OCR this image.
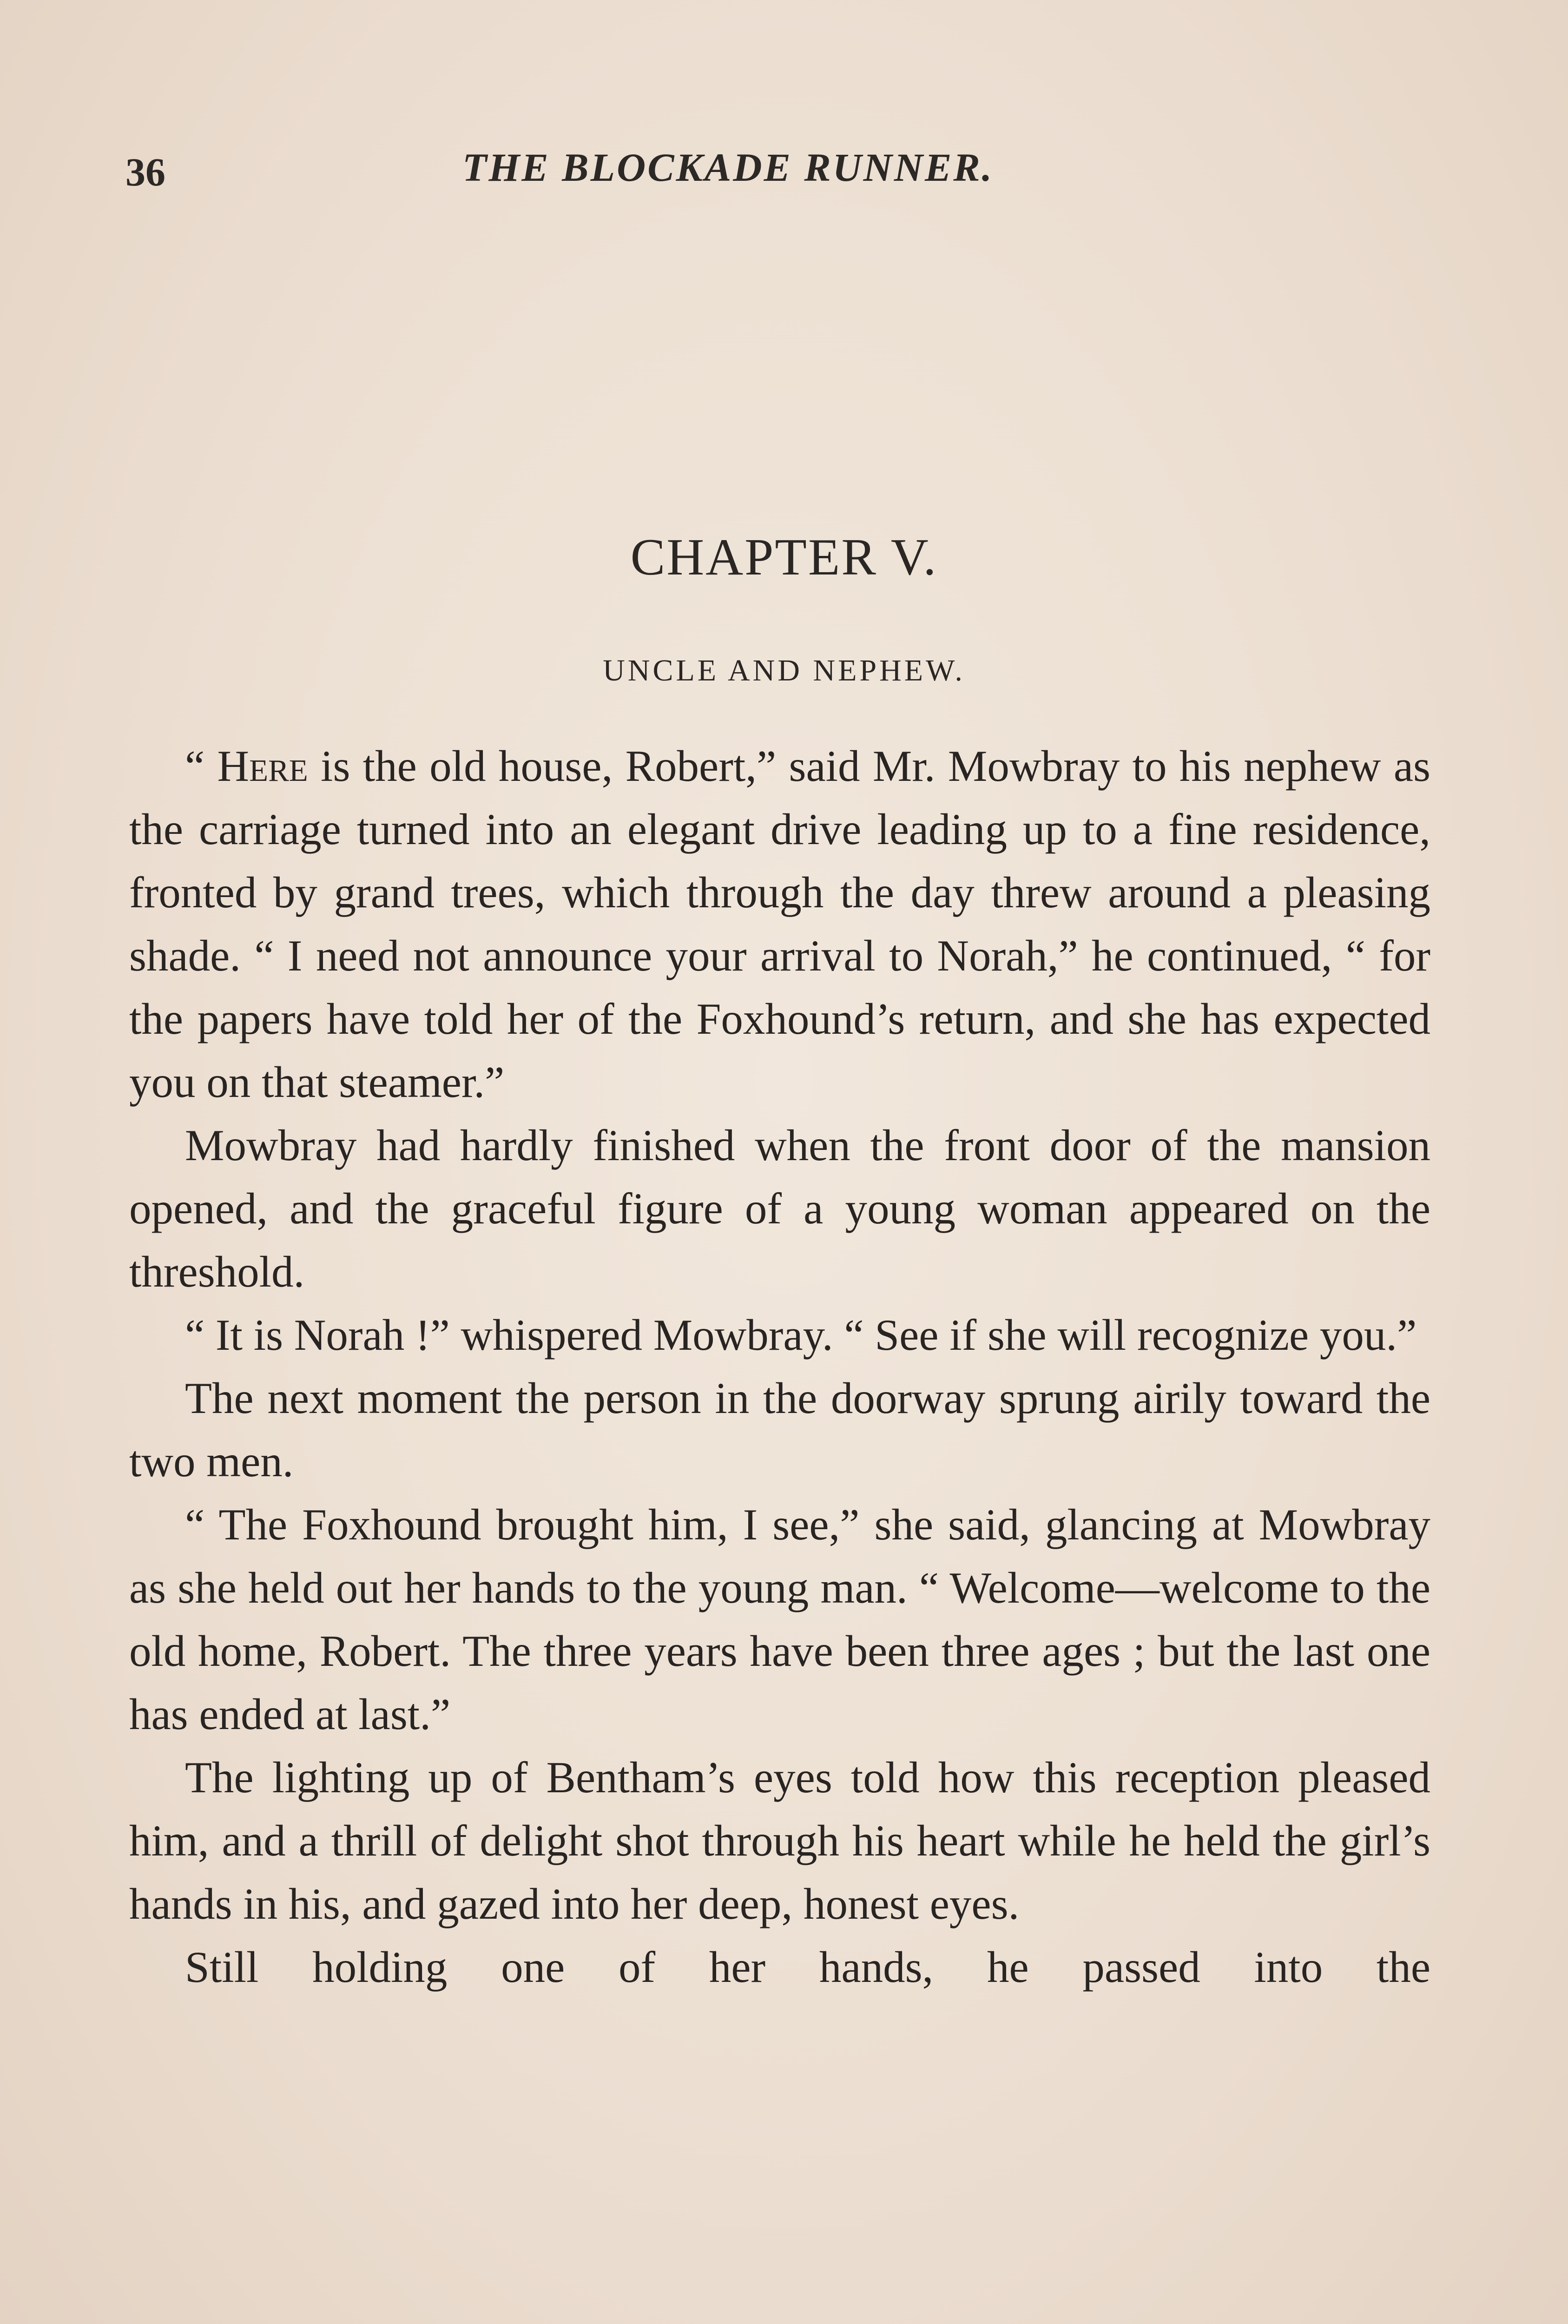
36	THE BLOCKADE RUNNER.
CHAPTER V.
UNCLE AND NEPHEW.

“ Here is the old house, Robert,” said Mr. Mowbray to his nephew as the carriage turned into an elegant drive leading up to a fine residence, fronted by grand trees, which through the day threw around a pleasing shade. “ I need not announce your arrival to Norah,” he continued, “ for the papers have told her of the Foxhound’s return, and she has expected you on that steamer.”

Mowbray had hardly finished when the front door of the mansion opened, and the graceful figure of a young woman appeared on the threshold.

“ It is Norah !” whispered Mowbray. “ See if she will recognize you.”

The next moment the person in the doorway sprung airily toward the two men.

“ The Foxhound brought him, I see,” she said, glancing at Mowbray as she held out her hands to the young man. “ Welcome—welcome to the old home, Robert. The three years have been three ages ; but the last one has ended at last.”

The lighting up of Bentham’s eyes told how this reception pleased him, and a thrill of delight shot through his heart while he held the girl’s hands in his, and gazed into her deep, honest eyes.

Still holding one of her hands, he passed into the
